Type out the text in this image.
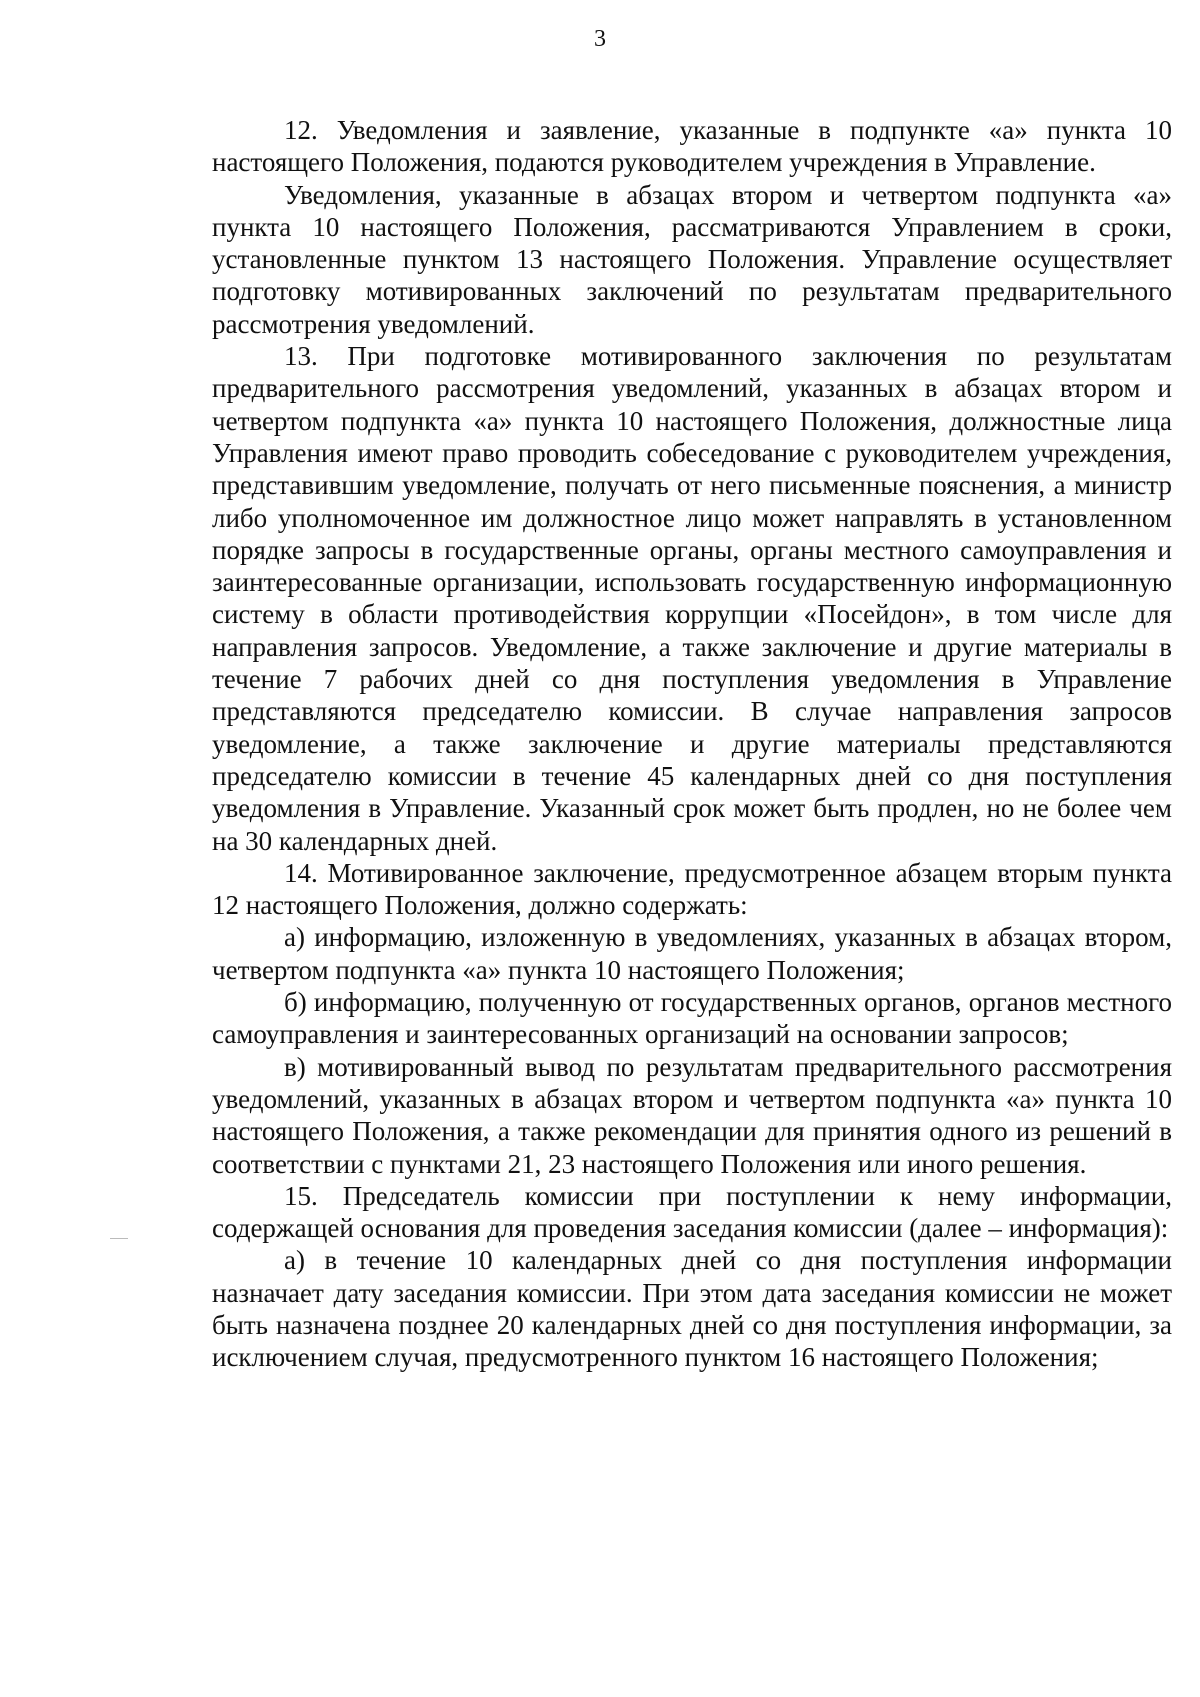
3

12. Уведомления и заявление, указанные в подпункте «а» пункта 10 настоящего Положения, подаются руководителем учреждения в Управление.

Уведомления, указанные в абзацах втором и четвертом подпункта «а» пункта 10 настоящего Положения, рассматриваются Управлением в сроки, установленные пунктом 13 настоящего Положения. Управление осуществляет подготовку мотивированных заключений по результатам предварительного рассмотрения уведомлений.

13. При подготовке мотивированного заключения по результатам предварительного рассмотрения уведомлений, указанных в абзацах втором и четвертом подпункта «а» пункта 10 настоящего Положения, должностные лица Управления имеют право проводить собеседование с руководителем учреждения, представившим уведомление, получать от него письменные пояснения, а министр либо уполномоченное им должностное лицо может направлять в установленном порядке запросы в государственные органы, органы местного самоуправления и заинтересованные организации, использовать государственную информационную систему в области противодействия коррупции «Посейдон», в том числе для направления запросов. Уведомление, а также заключение и другие материалы в течение 7 рабочих дней со дня поступления уведомления в Управление представляются председателю комиссии. В случае направления запросов уведомление, а также заключение и другие материалы представляются председателю комиссии в течение 45 календарных дней со дня поступления уведомления в Управление. Указанный срок может быть продлен, но не более чем на 30 календарных дней.

14. Мотивированное заключение, предусмотренное абзацем вторым пункта 12 настоящего Положения, должно содержать:

а) информацию, изложенную в уведомлениях, указанных в абзацах втором, четвертом подпункта «а» пункта 10 настоящего Положения;

б) информацию, полученную от государственных органов, органов местного самоуправления и заинтересованных организаций на основании запросов;

в) мотивированный вывод по результатам предварительного рассмотрения уведомлений, указанных в абзацах втором и четвертом подпункта «а» пункта 10 настоящего Положения, а также рекомендации для принятия одного из решений в соответствии с пунктами 21, 23 настоящего Положения или иного решения.

15. Председатель комиссии при поступлении к нему информации, содержащей основания для проведения заседания комиссии (далее – информация):

а) в течение 10 календарных дней со дня поступления информации назначает дату заседания комиссии. При этом дата заседания комиссии не может быть назначена позднее 20 календарных дней со дня поступления информации, за исключением случая, предусмотренного пунктом 16 настоящего Положения;
